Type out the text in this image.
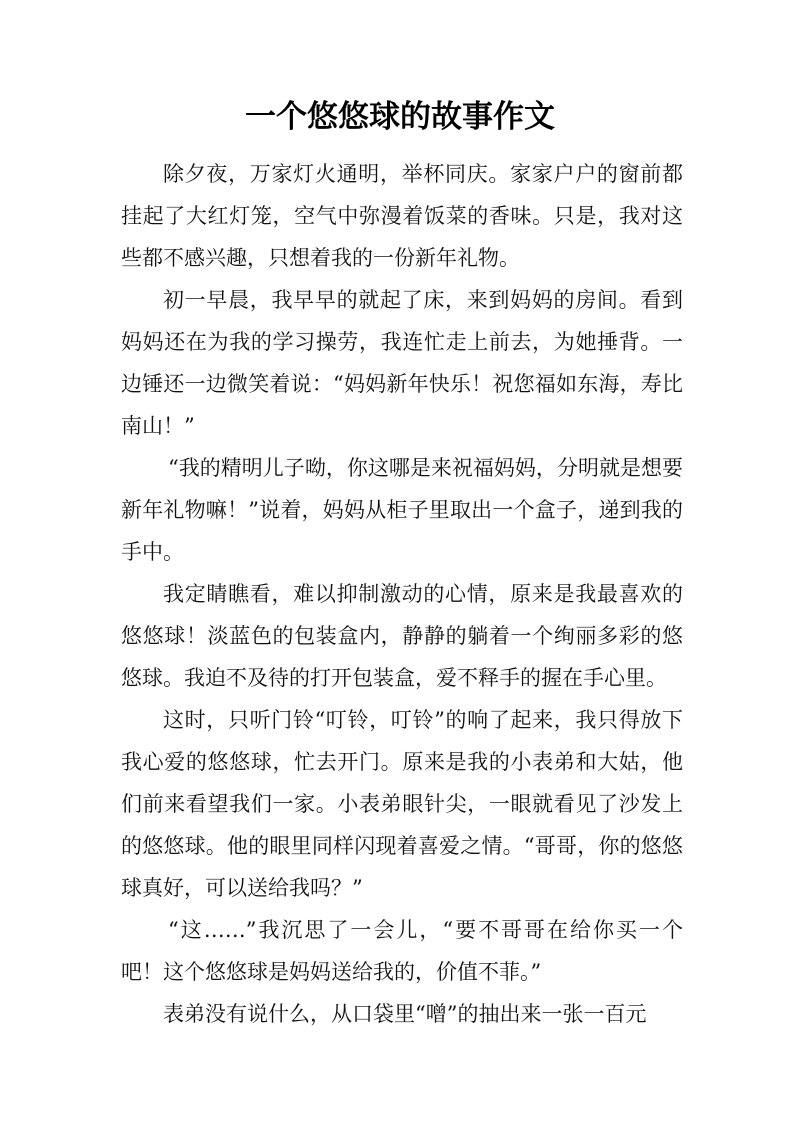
一个悠悠球的故事作文

除夕夜，万家灯火通明，举杯同庆。家家户户的窗前都挂起了大红灯笼，空气中弥漫着饭菜的香味。只是，我对这些都不感兴趣，只想着我的一份新年礼物。

初一早晨，我早早的就起了床，来到妈妈的房间。看到妈妈还在为我的学习操劳，我连忙走上前去，为她捶背。一边锤还一边微笑着说：“妈妈新年快乐！祝您福如东海，寿比南山！”

“我的精明儿子呦，你这哪是来祝福妈妈，分明就是想要新年礼物嘛！”说着，妈妈从柜子里取出一个盒子，递到我的手中。

我定睛瞧看，难以抑制激动的心情，原来是我最喜欢的悠悠球！淡蓝色的包装盒内，静静的躺着一个绚丽多彩的悠悠球。我迫不及待的打开包装盒，爱不释手的握在手心里。

这时，只听门铃“叮铃，叮铃”的响了起来，我只得放下我心爱的悠悠球，忙去开门。原来是我的小表弟和大姑，他们前来看望我们一家。小表弟眼针尖，一眼就看见了沙发上的悠悠球。他的眼里同样闪现着喜爱之情。“哥哥，你的悠悠球真好，可以送给我吗？”

“这……”我沉思了一会儿，“要不哥哥在给你买一个吧！这个悠悠球是妈妈送给我的，价值不菲。”

表弟没有说什么，从口袋里“噌”的抽出来一张一百元
